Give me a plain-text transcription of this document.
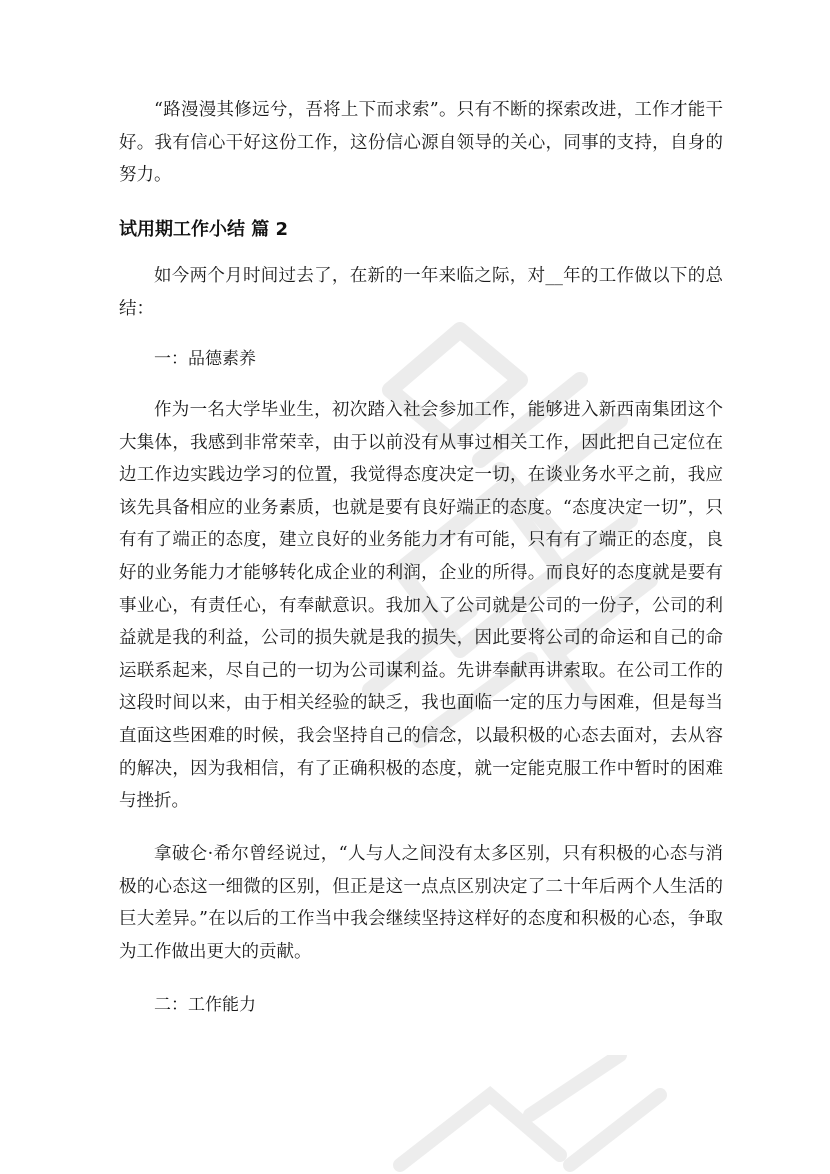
“路漫漫其修远兮，吾将上下而求索”。只有不断的探索改进，工作才能干好。我有信心干好这份工作，这份信心源自领导的关心，同事的支持，自身的努力。

试用期工作小结 篇 2

如今两个月时间过去了，在新的一年来临之际，对__年的工作做以下的总结：

一：品德素养

作为一名大学毕业生，初次踏入社会参加工作，能够进入新西南集团这个大集体，我感到非常荣幸，由于以前没有从事过相关工作，因此把自己定位在边工作边实践边学习的位置，我觉得态度决定一切，在谈业务水平之前，我应该先具备相应的业务素质，也就是要有良好端正的态度。“态度决定一切”，只有有了端正的态度，建立良好的业务能力才有可能，只有有了端正的态度，良好的业务能力才能够转化成企业的利润，企业的所得。而良好的态度就是要有事业心，有责任心，有奉献意识。我加入了公司就是公司的一份子，公司的利益就是我的利益，公司的损失就是我的损失，因此要将公司的命运和自己的命运联系起来，尽自己的一切为公司谋利益。先讲奉献再讲索取。在公司工作的这段时间以来，由于相关经验的缺乏，我也面临一定的压力与困难，但是每当直面这些困难的时候，我会坚持自己的信念，以最积极的心态去面对，去从容的解决，因为我相信，有了正确积极的态度，就一定能克服工作中暂时的困难与挫折。

拿破仑·希尔曾经说过，“人与人之间没有太多区别，只有积极的心态与消极的心态这一细微的区别，但正是这一点点区别决定了二十年后两个人生活的巨大差异。”在以后的工作当中我会继续坚持这样好的态度和积极的心态，争取为工作做出更大的贡献。

二：工作能力
